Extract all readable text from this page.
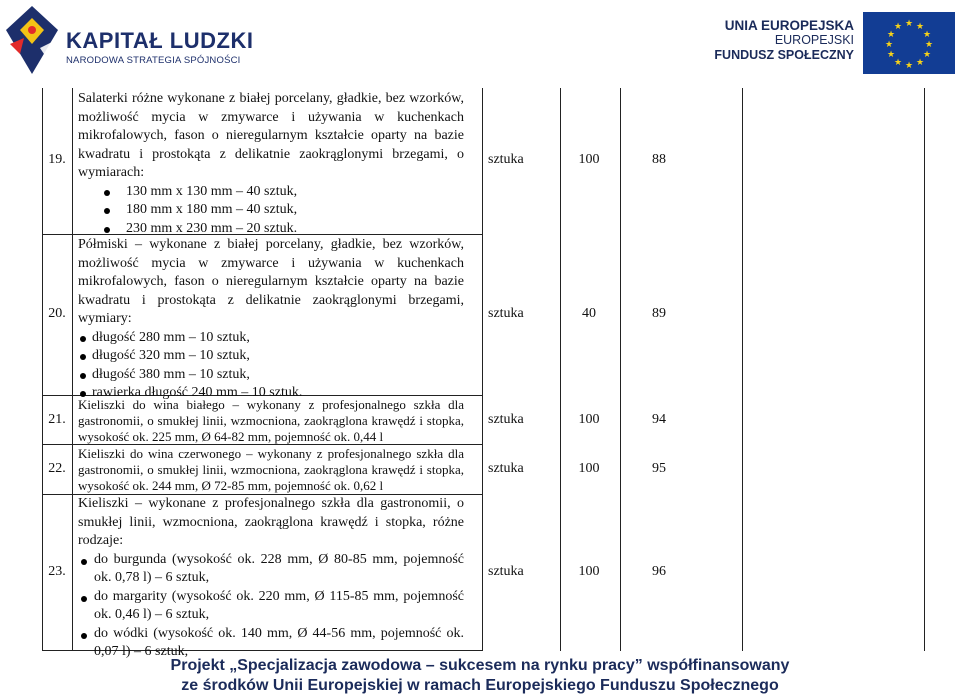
KAPITAŁ LUDZKI
NARODOWA STRATEGIA SPÓJNOŚCI
UNIA EUROPEJSKA
EUROPEJSKI
FUNDUSZ SPOŁECZNY
★ ★
★
★
★
★
★
★
★
★
★
★
19.
Salaterki różne wykonane z białej porcelany, gładkie, bez wzorków, możliwość mycia w zmywarce i używania w kuchenkach mikrofalowych, fason o nieregularnym kształcie oparty na bazie kwadratu i prostokąta z delikatnie zaokrąglonymi brzegami, o wymiarach:
130 mm x 130 mm – 40 sztuk,
180 mm x 180 mm – 40 sztuk,
230 mm x 230 mm – 20 sztuk.
sztuka	100	88
20.
Półmiski – wykonane z białej porcelany, gładkie, bez wzorków, możliwość mycia w zmywarce i używania w kuchenkach mikrofalowych, fason o nieregularnym kształcie oparty na bazie kwadratu i prostokąta z delikatnie zaokrąglonymi brzegami, wymiary:
długość 280 mm – 10 sztuk,
długość 320 mm – 10 sztuk,
długość 380 mm – 10 sztuk,
rawierka długość 240 mm – 10 sztuk.
sztuka	40	89
21.
Kieliszki do wina białego – wykonany z profesjonalnego szkła dla gastronomii, o smukłej linii, wzmocniona, zaokrąglona krawędź i stopka, wysokość ok. 225 mm, Ø 64-82 mm, pojemność ok. 0,44 l
sztuka	100	94
22.
Kieliszki do wina czerwonego – wykonany z profesjonalnego szkła dla gastronomii, o smukłej linii, wzmocniona, zaokrąglona krawędź i stopka, wysokość ok. 244 mm, Ø 72-85 mm, pojemność ok. 0,62 l
sztuka	100	95
23.
Kieliszki – wykonane z profesjonalnego szkła dla gastronomii, o smukłej linii, wzmocniona, zaokrąglona krawędź i stopka, różne rodzaje:
do burgunda (wysokość ok. 228 mm, Ø 80-85 mm, pojemność ok. 0,78 l) – 6 sztuk,
do margarity (wysokość ok. 220 mm, Ø 115-85 mm, pojemność ok. 0,46 l) – 6 sztuk,
do wódki (wysokość ok. 140 mm, Ø 44-56 mm, pojemność ok. 0,07 l) – 6 sztuk,
sztuka	100	96
Projekt „Specjalizacja zawodowa – sukcesem na rynku pracy” współfinansowany
ze środków Unii Europejskiej w ramach Europejskiego Funduszu Społecznego
